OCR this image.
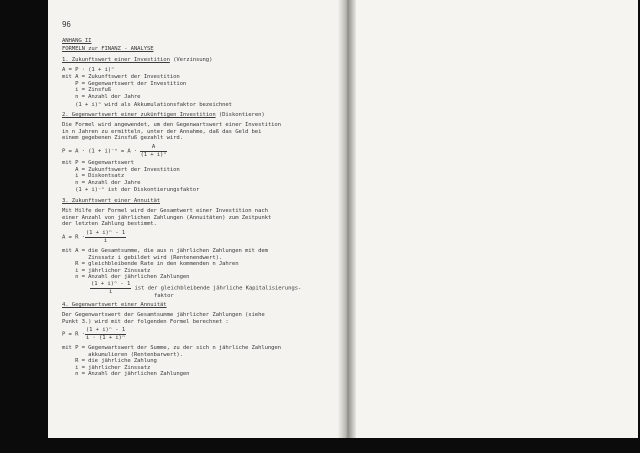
96
ANHANG II
FORMELN zur FINANZ - ANALYSE
1. Zukunftswert einer Investition (Verzinsung)
A = P · (1 + i)ⁿ
mit A = Zukunftswert der Investition
P = Gegenwartswert der Investition
i = Zinsfuß
n = Anzahl der Jahre
(1 + i)ⁿ wird als Akkumulationsfaktor bezeichnet
2. Gegenwartswert einer zukünftigen Investition (Diskontieren)
Die Formel wird angewendet, um den Gegenwartswert einer Investition
in n Jahren zu ermitteln, unter der Annahme, daß das Geld bei
einem gegebenen Zinsfuß gezahlt wird.
$P = A \cdot (1 + i)^{-n} = A \cdot \frac{A}{\text{(1 + i)ⁿ}}$
mit P = Gegenwartswert
A = Zukunftswert der Investition
i = Diskontsatz
n = Anzahl der Jahre
(1 + i)⁻ⁿ ist der Diskontierungsfaktor
3. Zukunftswert einer Annuität
Mit Hilfe der Formel wird der Gesamtwert einer Investition nach
einer Anzahl von jährlichen Zahlungen (Annuitäten) zum Zeitpunkt
der letzten Zahlung bestimmt.
$A = R \cdot \frac{\text{(1 + i)ⁿ - 1}}{i}$
mit A = die Gesamtsumme, die aus n jährlichen Zahlungen mit dem
Zinssatz i gebildet wird (Rentenendwert).
R = gleichbleibende Rate in den kommenden n Jahren
i = jährlicher Zinssatz
n = Anzahl der jährlichen Zahlungen
$\frac{\text{(1 + i)ⁿ - 1}}{i}$ ist der gleichbleibende jährliche Kapitalisierungs-
faktor
4. Gegenwartswert einer Annuität
Der Gegenwartswert der Gesamtsumme jährlicher Zahlungen (siehe
Punkt 3.) wird mit der folgenden Formel berechnet :
$P = R \cdot \frac{\text{(1 + i)ⁿ - 1}}{\text{i · (1 + i)ⁿ}}$
mit P = Gegenwartswert der Summe, zu der sich n jährliche Zahlungen
akkumulieren (Rentenbarwert).
R = die jährliche Zahlung
i = jährlicher Zinssatz
n = Anzahl der jährlichen Zahlungen
